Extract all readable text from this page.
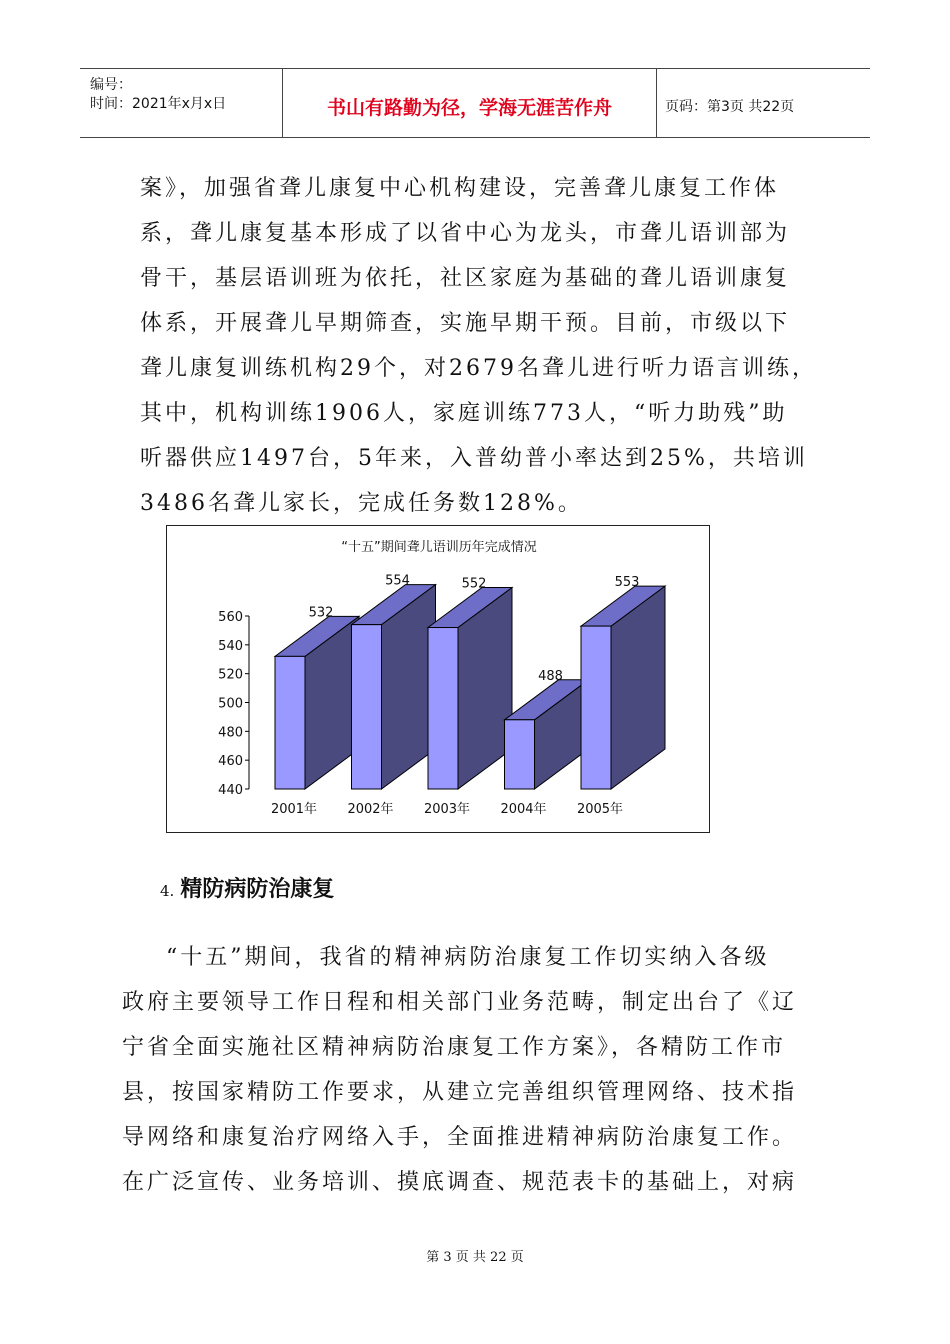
编号：
时间：2021年x月x日	书山有路勤为径，学海无涯苦作舟	页码：第3页 共22页
案》，加强省聋儿康复中心机构建设，完善聋儿康复工作体
系，聋儿康复基本形成了以省中心为龙头，市聋儿语训部为
骨干，基层语训班为依托，社区家庭为基础的聋儿语训康复
体系，开展聋儿早期筛查，实施早期干预。目前，市级以下
聋儿康复训练机构29个，对2679名聋儿进行听力语言训练，
其中，机构训练1906人，家庭训练773人，“听力助残”助
听器供应1497台，5年来，入普幼普小率达到25%，共培训
3486名聋儿家长，完成任务数128%。
“十五”期间聋儿语训历年完成情况
440
460
480
500
520
540
560	532
2001年
554
2002年
552
2003年
488
2004年
553
2005年
4. 精防病防治康复
“十五”期间，我省的精神病防治康复工作切实纳入各级
政府主要领导工作日程和相关部门业务范畴，制定出台了《辽
宁省全面实施社区精神病防治康复工作方案》，各精防工作市
县，按国家精防工作要求，从建立完善组织管理网络、技术指
导网络和康复治疗网络入手，全面推进精神病防治康复工作。
在广泛宣传、业务培训、摸底调查、规范表卡的基础上，对病
第 3 页 共 22 页
